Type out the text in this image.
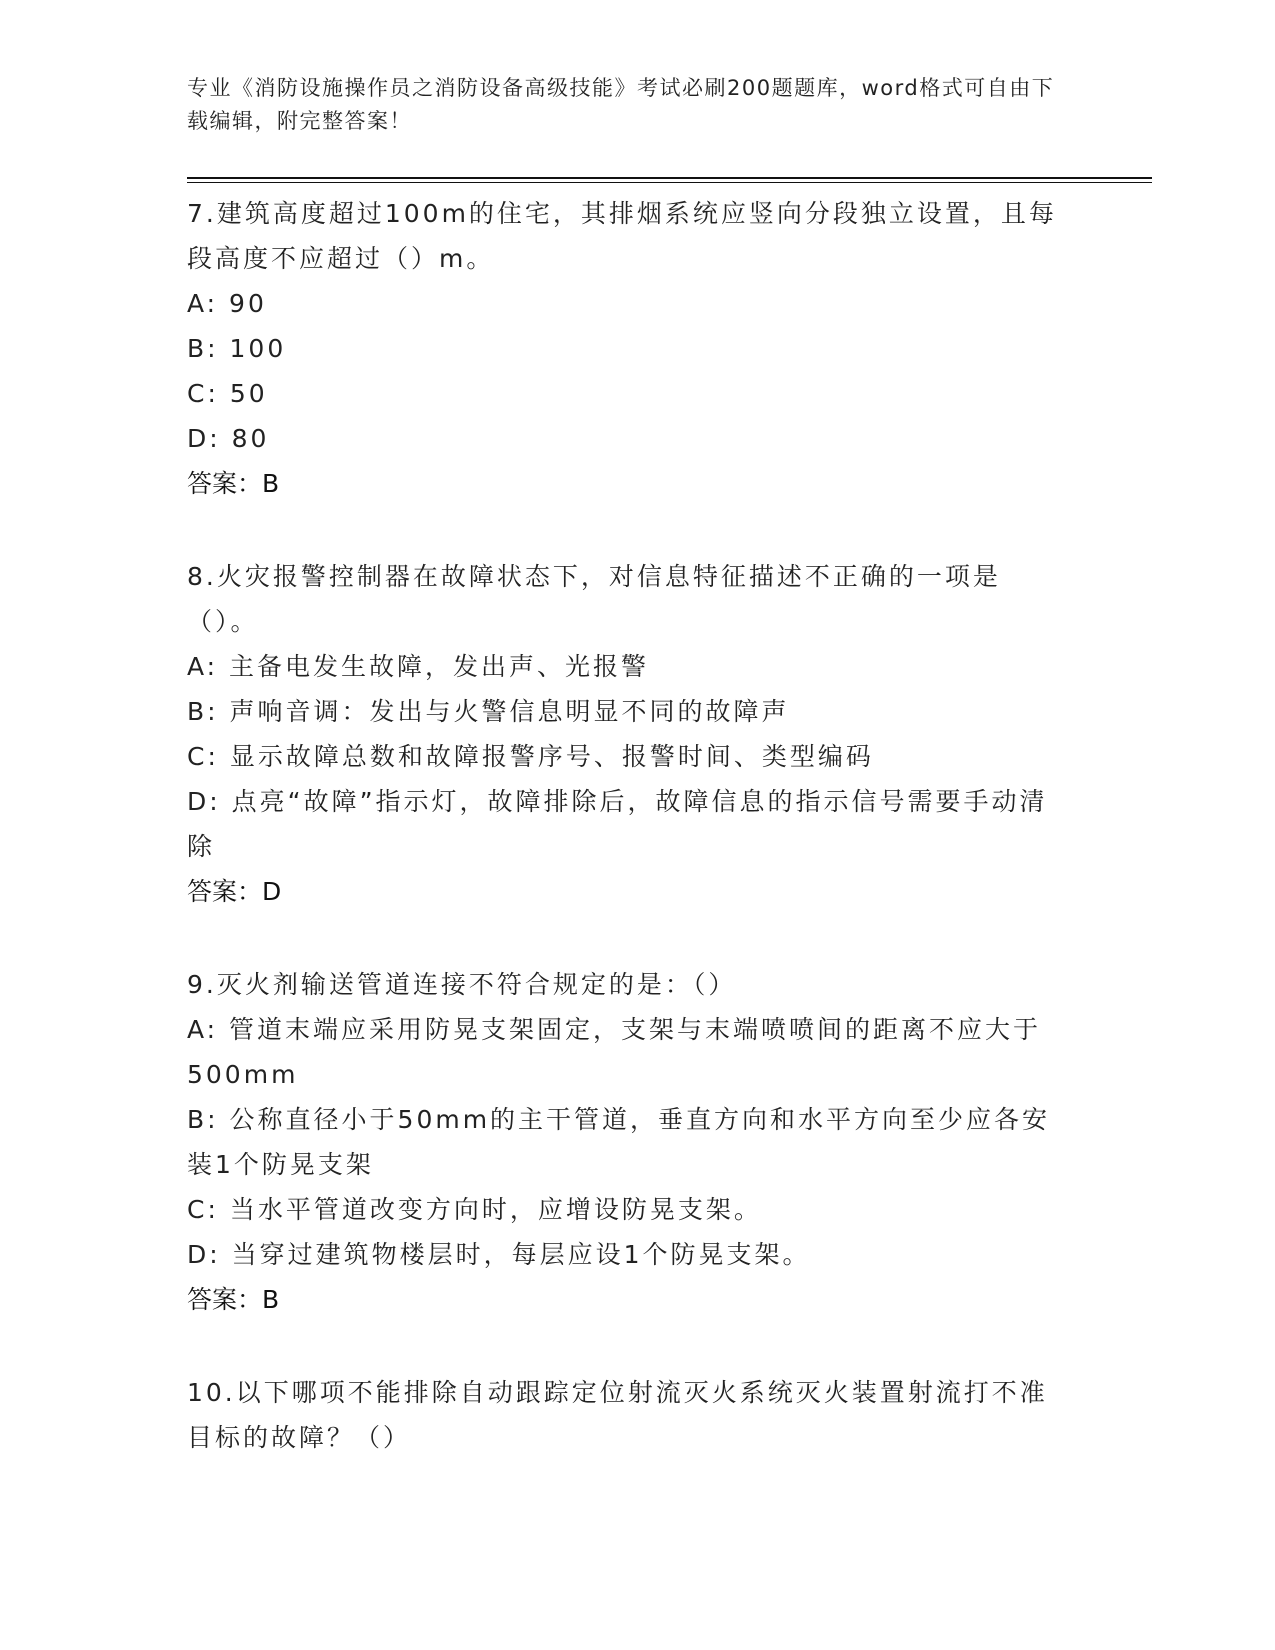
专业《消防设施操作员之消防设备高级技能》考试必刷200题题库，word格式可自由下载编辑，附完整答案！
7.建筑高度超过100m的住宅，其排烟系统应竖向分段独立设置，且每段高度不应超过（）m。
A: 90
B: 100
C: 50
D: 80
答案：B
8.火灾报警控制器在故障状态下，对信息特征描述不正确的一项是（）。
A: 主备电发生故障，发出声、光报警
B: 声响音调：发出与火警信息明显不同的故障声
C: 显示故障总数和故障报警序号、报警时间、类型编码
D: 点亮“故障”指示灯，故障排除后，故障信息的指示信号需要手动清除
答案：D
9.灭火剂输送管道连接不符合规定的是：（）
A: 管道末端应采用防晃支架固定，支架与末端喷喷间的距离不应大于500mm
B: 公称直径小于50mm的主干管道，垂直方向和水平方向至少应各安装1个防晃支架
C: 当水平管道改变方向时，应增设防晃支架。
D: 当穿过建筑物楼层时，每层应设1个防晃支架。
答案：B
10.以下哪项不能排除自动跟踪定位射流灭火系统灭火装置射流打不准目标的故障？（）
